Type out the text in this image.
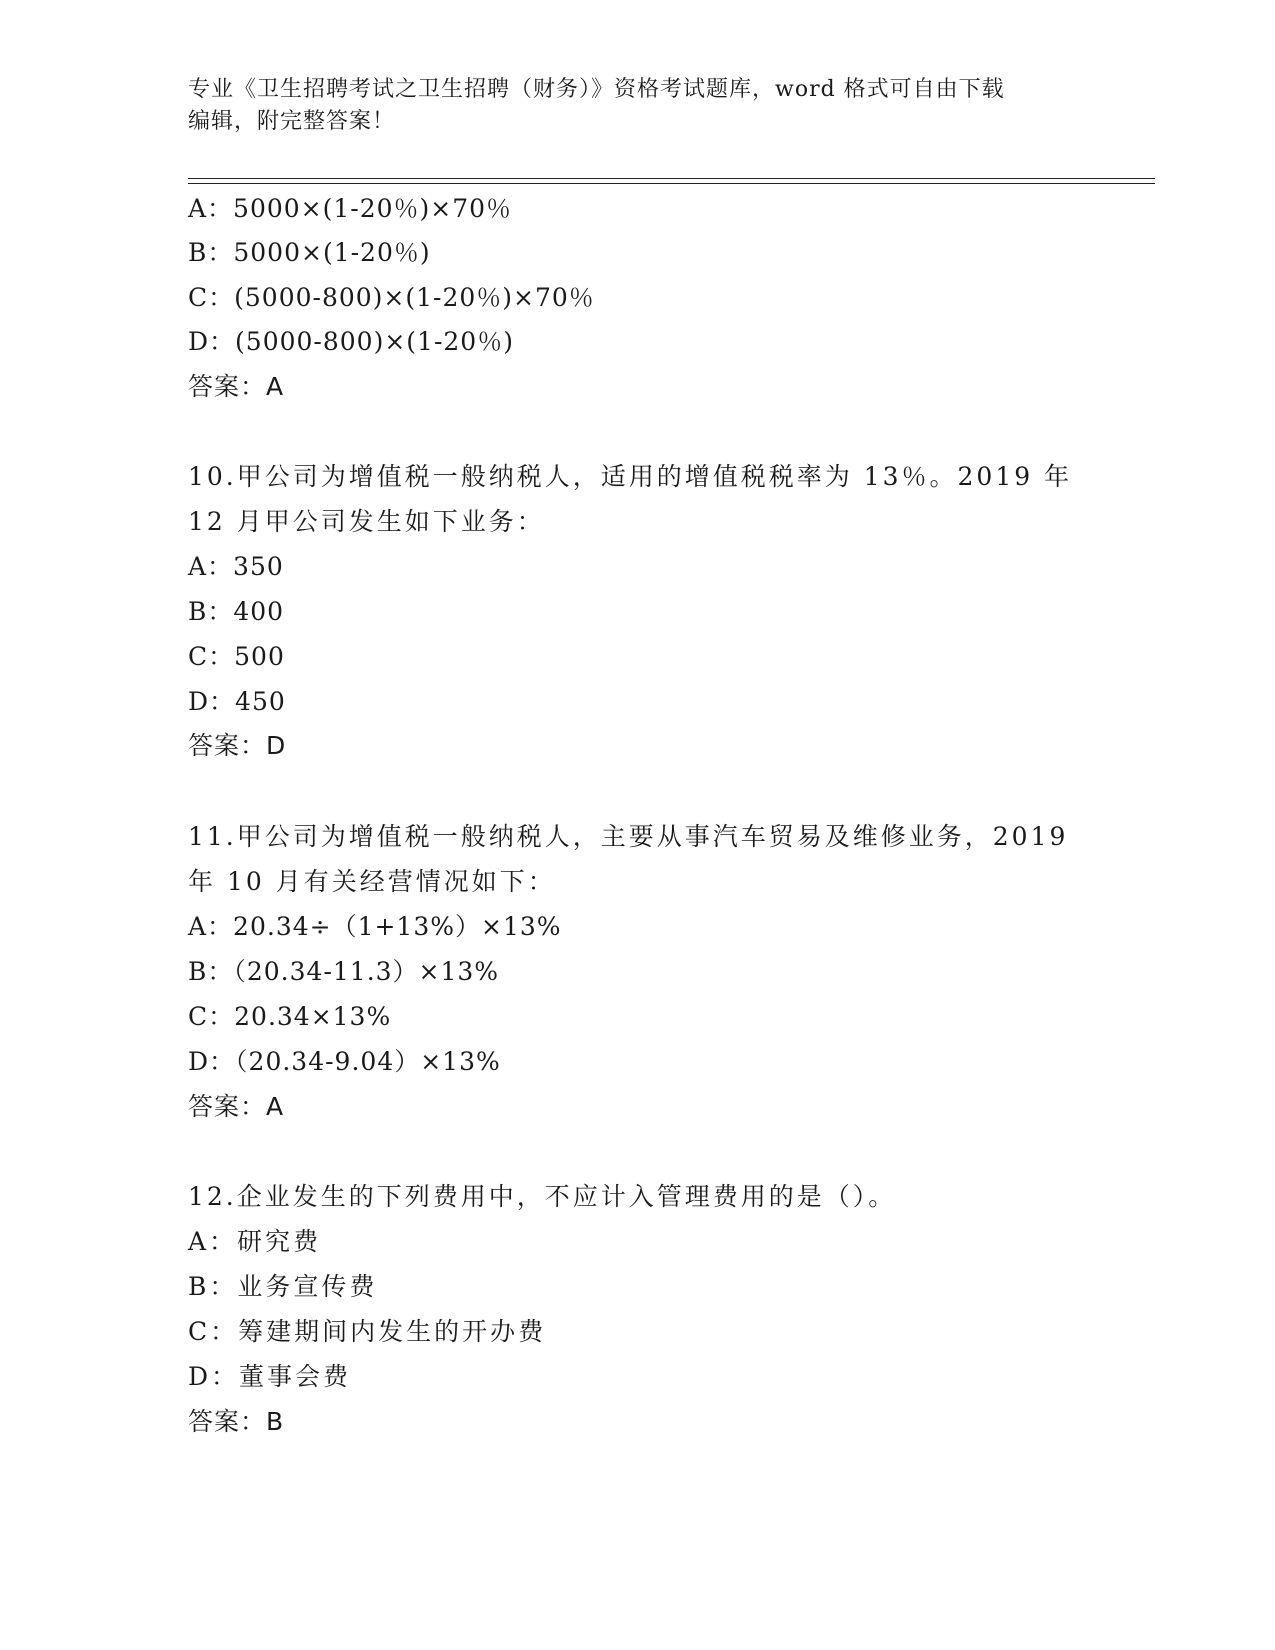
专业《卫生招聘考试之卫生招聘（财务）》资格考试题库，word 格式可自由下载
编辑，附完整答案！
A：5000×(1-20％)×70％
B：5000×(1-20％)
C：(5000-800)×(1-20％)×70％
D：(5000-800)×(1-20％)
答案：A
10.甲公司为增值税一般纳税人，适用的增值税税率为 13％。2019 年
12 月甲公司发生如下业务：
A：350
B：400
C：500
D：450
答案：D
11.甲公司为增值税一般纳税人，主要从事汽车贸易及维修业务，2019
年 10 月有关经营情况如下：
A：20.34÷（1+13%）×13%
B：（20.34-11.3）×13%
C：20.34×13%
D：（20.34-9.04）×13%
答案：A
12.企业发生的下列费用中，不应计入管理费用的是（）。
A：研究费
B：业务宣传费
C：筹建期间内发生的开办费
D：董事会费
答案：B
